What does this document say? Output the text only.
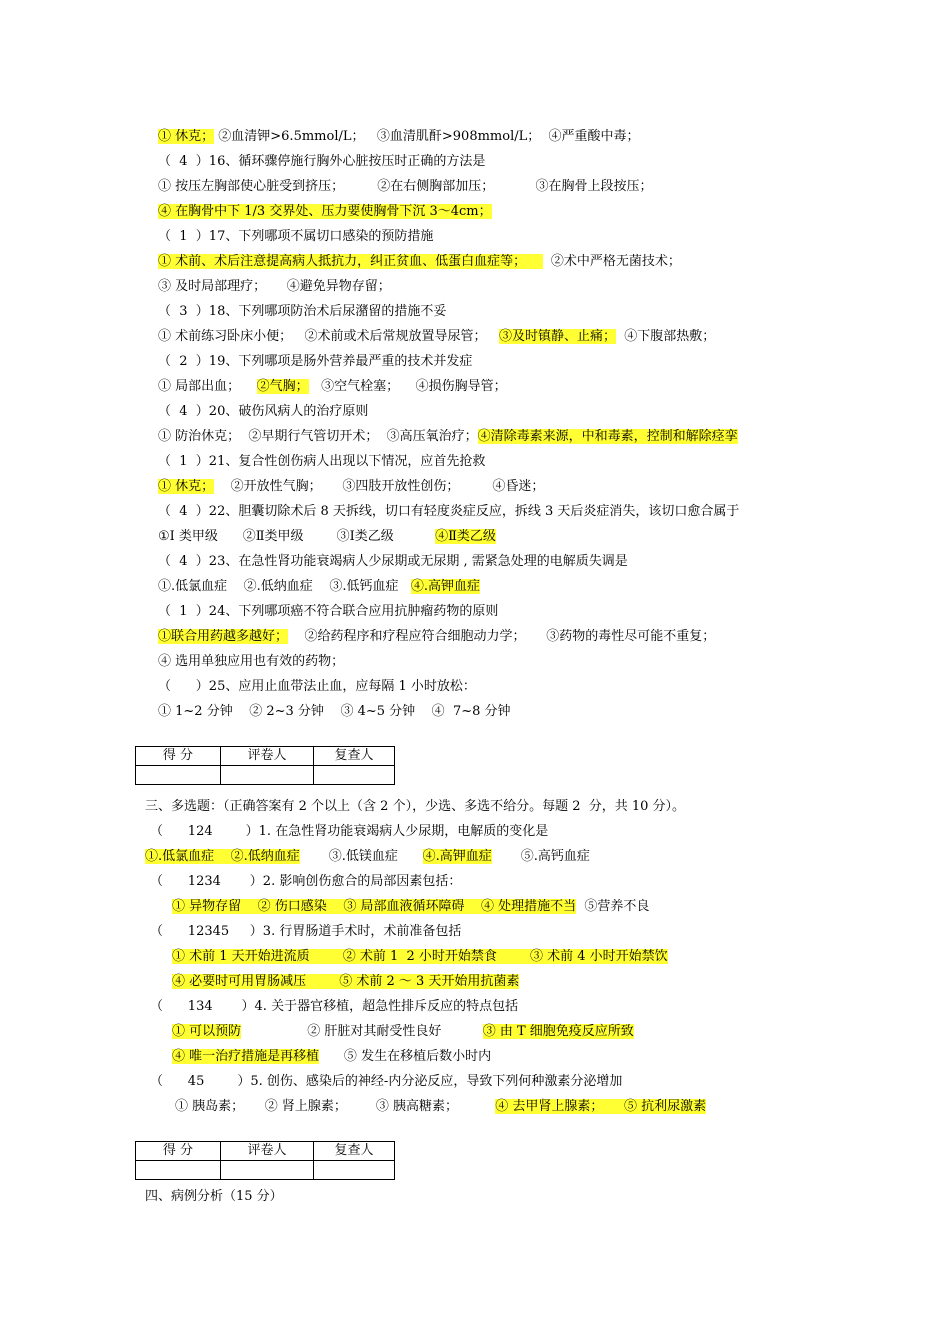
① 休克； ②血清钾>6.5mmol/L；   ③血清肌酐>908mmol/L；  ④严重酸中毒；
（  4  ）16、循环骤停施行胸外心脏按压时正确的方法是
① 按压左胸部使心脏受到挤压；        ②在右侧胸部加压；          ③在胸骨上段按压；
④ 在胸骨中下 1/3 交界处、压力要使胸骨下沉 3～4cm；
（  1  ）17、下列哪项不属切口感染的预防措施
① 术前、术后注意提高病人抵抗力，纠正贫血、低蛋白血症等；      ②术中严格无菌技术；
③ 及时局部理疗；     ④避免异物存留；
（  3  ）18、下列哪项防治术后尿潴留的措施不妥
① 术前练习卧床小便；   ②术前或术后常规放置导尿管；   ③及时镇静、止痛；  ④下腹部热敷；
（  2  ）19、下列哪项是肠外营养最严重的技术并发症
① 局部出血；    ②气胸；   ③空气栓塞；    ④损伤胸导管；
（  4  ）20、破伤风病人的治疗原则
① 防治休克；  ②早期行气管切开术；  ③高压氧治疗；④清除毒素来源，中和毒素，控制和解除痉挛
（  1  ）21、复合性创伤病人出现以下情况，应首先抢救
① 休克；    ②开放性气胸；     ③四肢开放性创伤；        ④昏迷；
（  4  ）22、胆囊切除术后 8 天拆线，切口有轻度炎症反应，拆线 3 天后炎症消失，该切口愈合属于
①Ⅰ 类甲级      ②Ⅱ类甲级        ③Ⅰ类乙级          ④Ⅱ类乙级
（  4  ）23、在急性肾功能衰竭病人少尿期或无尿期 , 需紧急处理的电解质失调是
①.低氯血症    ②.低纳血症    ③.低钙血症   ④.高钾血症
（  1  ）24、下列哪项癌不符合联合应用抗肿瘤药物的原则
①联合用药越多越好；    ②给药程序和疗程应符合细胞动力学；     ③药物的毒性尽可能不重复；
④ 选用单独应用也有效的药物；
（      ）25、应用止血带法止血，应每隔 1 小时放松：
① 1~2 分钟    ② 2~3 分钟    ③ 4~5 分钟    ④  7~8 分钟
得 分	评卷人	复查人

三、多选题：（正确答案有 2 个以上（含 2 个），少选、多选不给分。每题 2  分，共 10 分）。
（      124        ）1. 在急性肾功能衰竭病人少尿期，电解质的变化是
①.低氯血症    ②.低纳血症       ③.低镁血症      ④.高钾血症       ⑤.高钙血症
（      1234       ）2. 影响创伤愈合的局部因素包括：
① 异物存留    ② 伤口感染    ③ 局部血液循环障碍    ④ 处理措施不当  ⑤营养不良
（      12345     ）3. 行胃肠道手术时，术前准备包括
① 术前 1 天开始进流质        ② 术前 1  2 小时开始禁食        ③ 术前 4 小时开始禁饮
④ 必要时可用胃肠减压        ⑤ 术前 2 ～ 3 天开始用抗菌素
（      134       ）4. 关于器官移植，超急性排斥反应的特点包括
① 可以预防                ② 肝脏对其耐受性良好          ③ 由 T 细胞免疫反应所致
④ 唯一治疗措施是再移植      ⑤ 发生在移植后数小时内
（      45        ）5. 创伤、感染后的神经-内分泌反应，导致下列何种激素分泌增加
① 胰岛素；     ② 肾上腺素；       ③ 胰高糖素；         ④ 去甲肾上腺素；     ⑤ 抗利尿激素
得 分	评卷人	复查人

四、病例分析（15 分）
